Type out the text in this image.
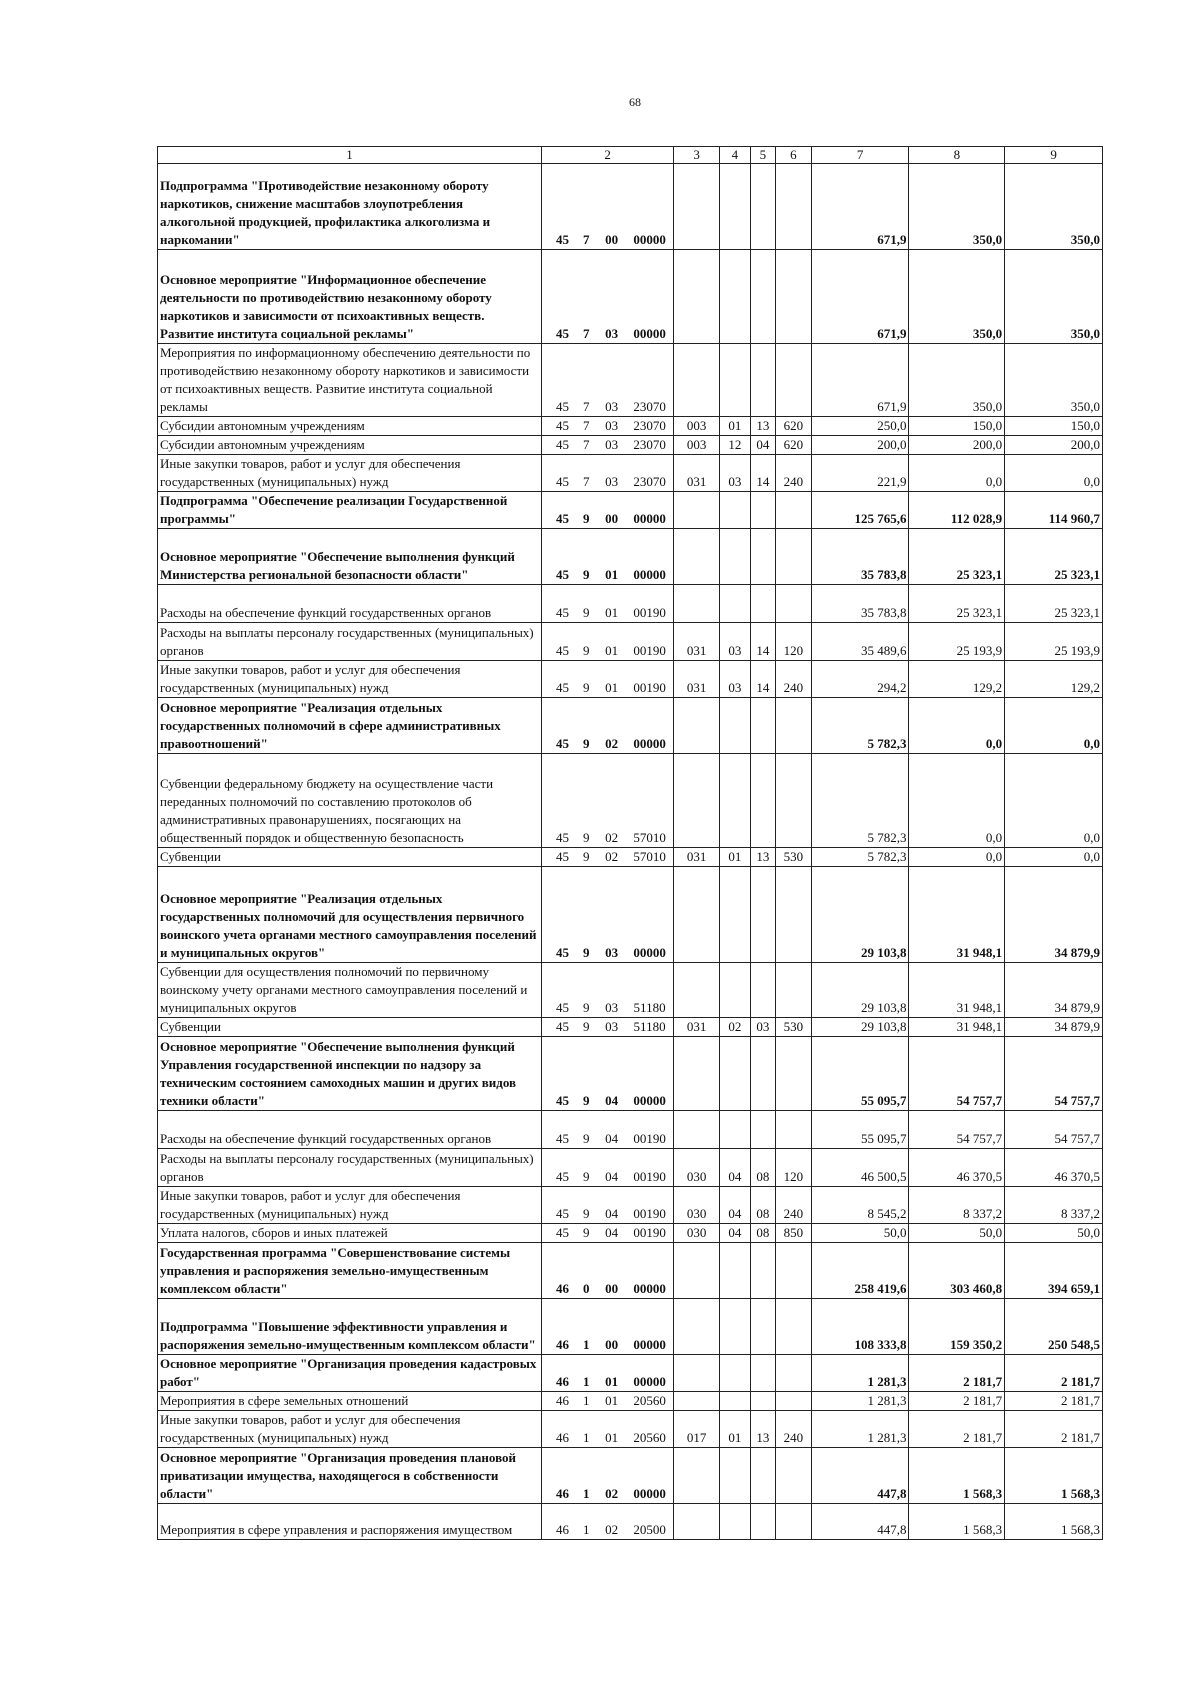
68
1	2				3	4	5	6	7	8	9
Подпрограмма "Противодействие незаконному обороту наркотиков, снижение масштабов злоупотребления алкогольной продукцией, профилактика алкоголизма и наркомании"	45	7	00	00000					671,9	350,0	350,0
Основное мероприятие "Информационное обеспечение деятельности по противодействию незаконному обороту наркотиков и зависимости от психоактивных веществ. Развитие института социальной рекламы"	45	7	03	00000					671,9	350,0	350,0
Мероприятия по информационному обеспечению деятельности по противодействию незаконному обороту наркотиков и зависимости от психоактивных веществ. Развитие института социальной рекламы	45	7	03	23070					671,9	350,0	350,0
Субсидии автономным учреждениям	45	7	03	23070	003	01	13	620	250,0	150,0	150,0
Субсидии автономным учреждениям	45	7	03	23070	003	12	04	620	200,0	200,0	200,0
Иные закупки товаров, работ и услуг для обеспечения государственных (муниципальных) нужд	45	7	03	23070	031	03	14	240	221,9	0,0	0,0
Подпрограмма "Обеспечение реализации Государственной программы"	45	9	00	00000					125 765,6	112 028,9	114 960,7
Основное мероприятие "Обеспечение выполнения функций Министерства региональной безопасности области"	45	9	01	00000					35 783,8	25 323,1	25 323,1
Расходы на обеспечение функций государственных органов	45	9	01	00190					35 783,8	25 323,1	25 323,1
Расходы на выплаты персоналу государственных (муниципальных) органов	45	9	01	00190	031	03	14	120	35 489,6	25 193,9	25 193,9
Иные закупки товаров, работ и услуг для обеспечения государственных (муниципальных) нужд	45	9	01	00190	031	03	14	240	294,2	129,2	129,2
Основное мероприятие "Реализация отдельных государственных полномочий в сфере административных правоотношений"	45	9	02	00000					5 782,3	0,0	0,0
Субвенции федеральному бюджету на осуществление части переданных полномочий по составлению протоколов об административных правонарушениях, посягающих на общественный порядок и общественную безопасность	45	9	02	57010					5 782,3	0,0	0,0
Субвенции	45	9	02	57010	031	01	13	530	5 782,3	0,0	0,0
Основное мероприятие "Реализация отдельных государственных полномочий для осуществления первичного воинского учета органами местного самоуправления поселений и муниципальных округов"	45	9	03	00000					29 103,8	31 948,1	34 879,9
Субвенции для осуществления полномочий по первичному воинскому учету органами местного самоуправления поселений и муниципальных округов	45	9	03	51180					29 103,8	31 948,1	34 879,9
Субвенции	45	9	03	51180	031	02	03	530	29 103,8	31 948,1	34 879,9
Основное мероприятие "Обеспечение выполнения функций Управления государственной инспекции по надзору за техническим состоянием самоходных машин и других видов техники области"	45	9	04	00000					55 095,7	54 757,7	54 757,7
Расходы на обеспечение функций государственных органов	45	9	04	00190					55 095,7	54 757,7	54 757,7
Расходы на выплаты персоналу государственных (муниципальных) органов	45	9	04	00190	030	04	08	120	46 500,5	46 370,5	46 370,5
Иные закупки товаров, работ и услуг для обеспечения государственных (муниципальных) нужд	45	9	04	00190	030	04	08	240	8 545,2	8 337,2	8 337,2
Уплата налогов, сборов и иных платежей	45	9	04	00190	030	04	08	850	50,0	50,0	50,0
Государственная программа "Совершенствование системы управления и распоряжения земельно-имущественным комплексом области"	46	0	00	00000					258 419,6	303 460,8	394 659,1
Подпрограмма "Повышение эффективности управления и распоряжения земельно-имущественным комплексом области"	46	1	00	00000					108 333,8	159 350,2	250 548,5
Основное мероприятие "Организация проведения кадастровых работ"	46	1	01	00000					1 281,3	2 181,7	2 181,7
Мероприятия в сфере земельных отношений	46	1	01	20560					1 281,3	2 181,7	2 181,7
Иные закупки товаров, работ и услуг для обеспечения государственных (муниципальных) нужд	46	1	01	20560	017	01	13	240	1 281,3	2 181,7	2 181,7
Основное мероприятие "Организация проведения плановой приватизации имущества, находящегося в собственности области"	46	1	02	00000					447,8	1 568,3	1 568,3
Мероприятия в сфере управления и распоряжения имуществом	46	1	02	20500					447,8	1 568,3	1 568,3
